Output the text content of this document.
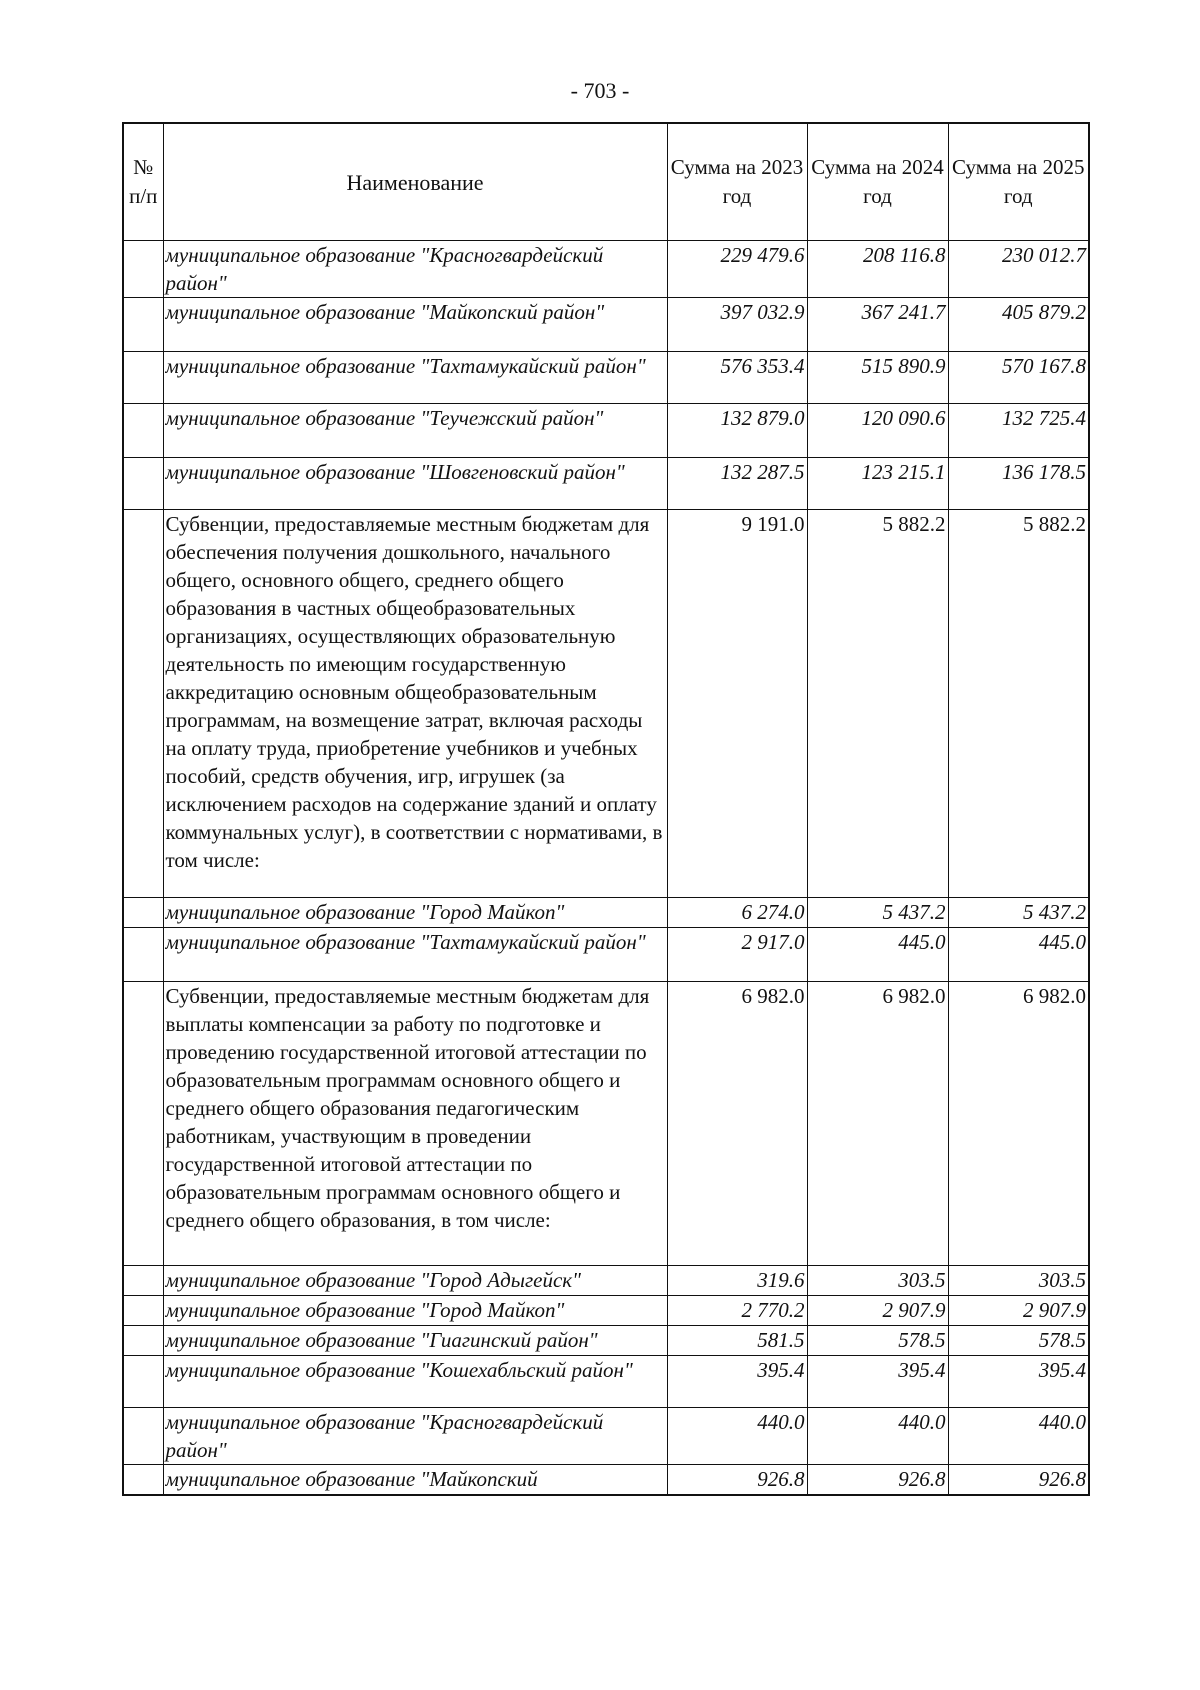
- 703 -
№ п/п	Наименование	Сумма на 2023 год	Сумма на 2024 год	Сумма на 2025 год
	муниципальное образование "Красногвардейский район"	229 479.6	208 116.8	230 012.7
	муниципальное образование "Майкопский район"	397 032.9	367 241.7	405 879.2
	муниципальное образование "Тахтамукайский район"	576 353.4	515 890.9	570 167.8
	муниципальное образование "Теучежский район"	132 879.0	120 090.6	132 725.4
	муниципальное образование "Шовгеновский район"	132 287.5	123 215.1	136 178.5
	Субвенции, предоставляемые местным бюджетам для обеспечения получения дошкольного, начального общего, основного общего, среднего общего образования в частных общеобразовательных организациях, осуществляющих образовательную деятельность по имеющим государственную аккредитацию основным общеобразовательным программам, на возмещение затрат, включая расходы на оплату труда, приобретение учебников и учебных пособий, средств обучения, игр, игрушек (за исключением расходов на содержание зданий и оплату коммунальных услуг), в соответствии с нормативами, в том числе:	9 191.0	5 882.2	5 882.2
	муниципальное образование "Город Майкоп"	6 274.0	5 437.2	5 437.2
	муниципальное образование "Тахтамукайский район"	2 917.0	445.0	445.0
	Субвенции, предоставляемые местным бюджетам для выплаты компенсации за работу по подготовке и проведению государственной итоговой аттестации по образовательным программам основного общего и среднего общего образования педагогическим работникам, участвующим в проведении государственной итоговой аттестации по образовательным программам основного общего и среднего общего образования, в том числе:	6 982.0	6 982.0	6 982.0
	муниципальное образование "Город Адыгейск"	319.6	303.5	303.5
	муниципальное образование "Город Майкоп"	2 770.2	2 907.9	2 907.9
	муниципальное образование "Гиагинский район"	581.5	578.5	578.5
	муниципальное образование "Кошехабльский район"	395.4	395.4	395.4
	муниципальное образование "Красногвардейский район"	440.0	440.0	440.0
	муниципальное образование "Майкопский	926.8	926.8	926.8
